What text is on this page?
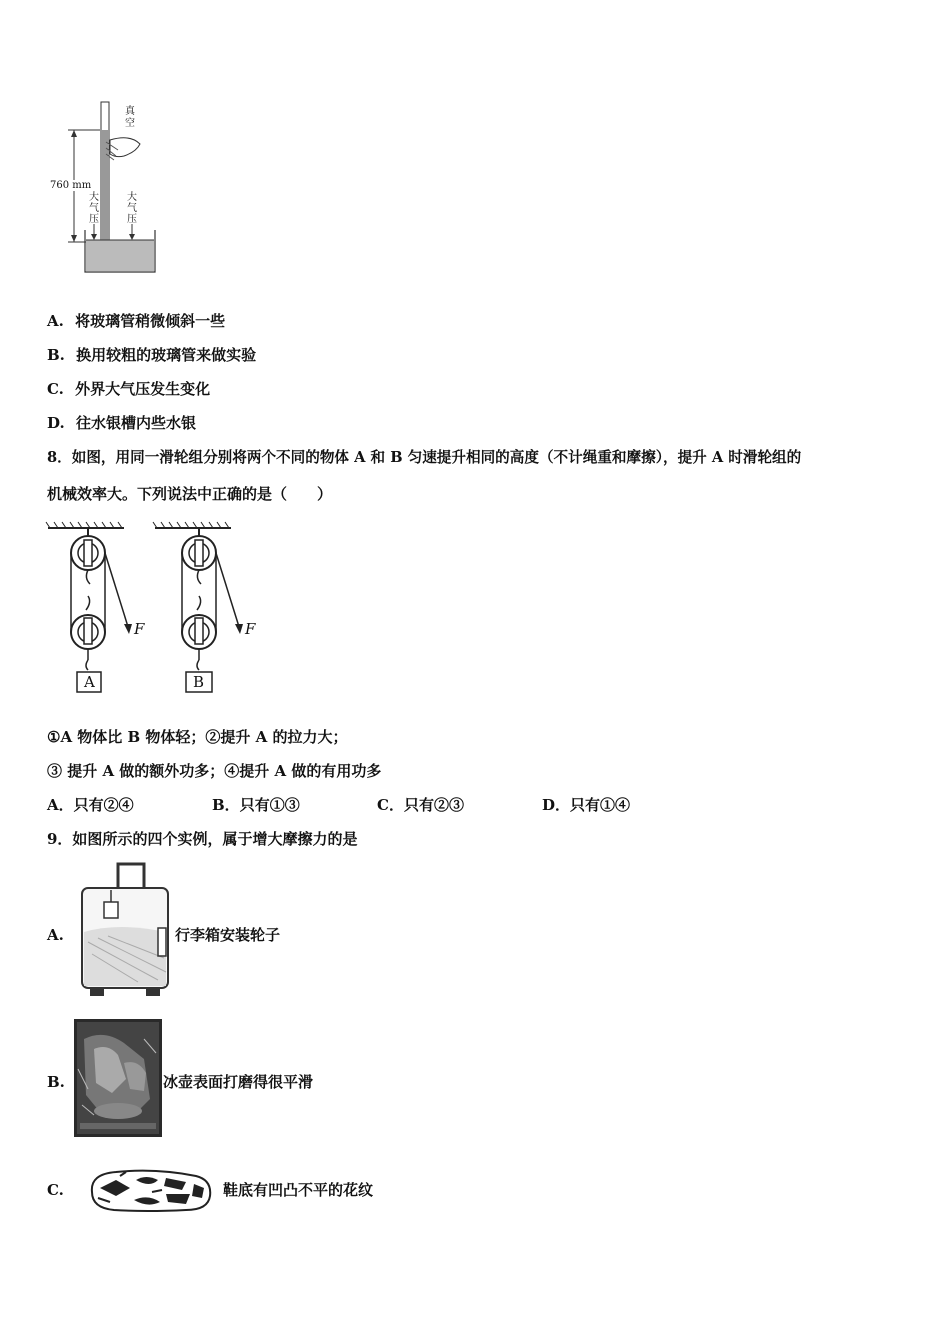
真空
760 mm
大气压
大气压
A. 将玻璃管稍微倾斜一些
B. 换用较粗的玻璃管来做实验
C. 外界大气压发生变化
D. 往水银槽内些水银
8．如图，用同一滑轮组分别将两个不同的物体 A 和 B 匀速提升相同的高度（不计绳重和摩擦），提升 A 时滑轮组的
机械效率大。下列说法中正确的是（　　）
F
A
F
B
①A 物体比 B 物体轻；②提升 A 的拉力大；
③ 提升 A 做的额外功多；④提升 A 做的有用功多
A．只有②④	B．只有①③	C．只有②③	D．只有①④
9．如图所示的四个实例，属于增大摩擦力的是
A.	行李箱安装轮子
B.	冰壶表面打磨得很平滑
C.	鞋底有凹凸不平的花纹
